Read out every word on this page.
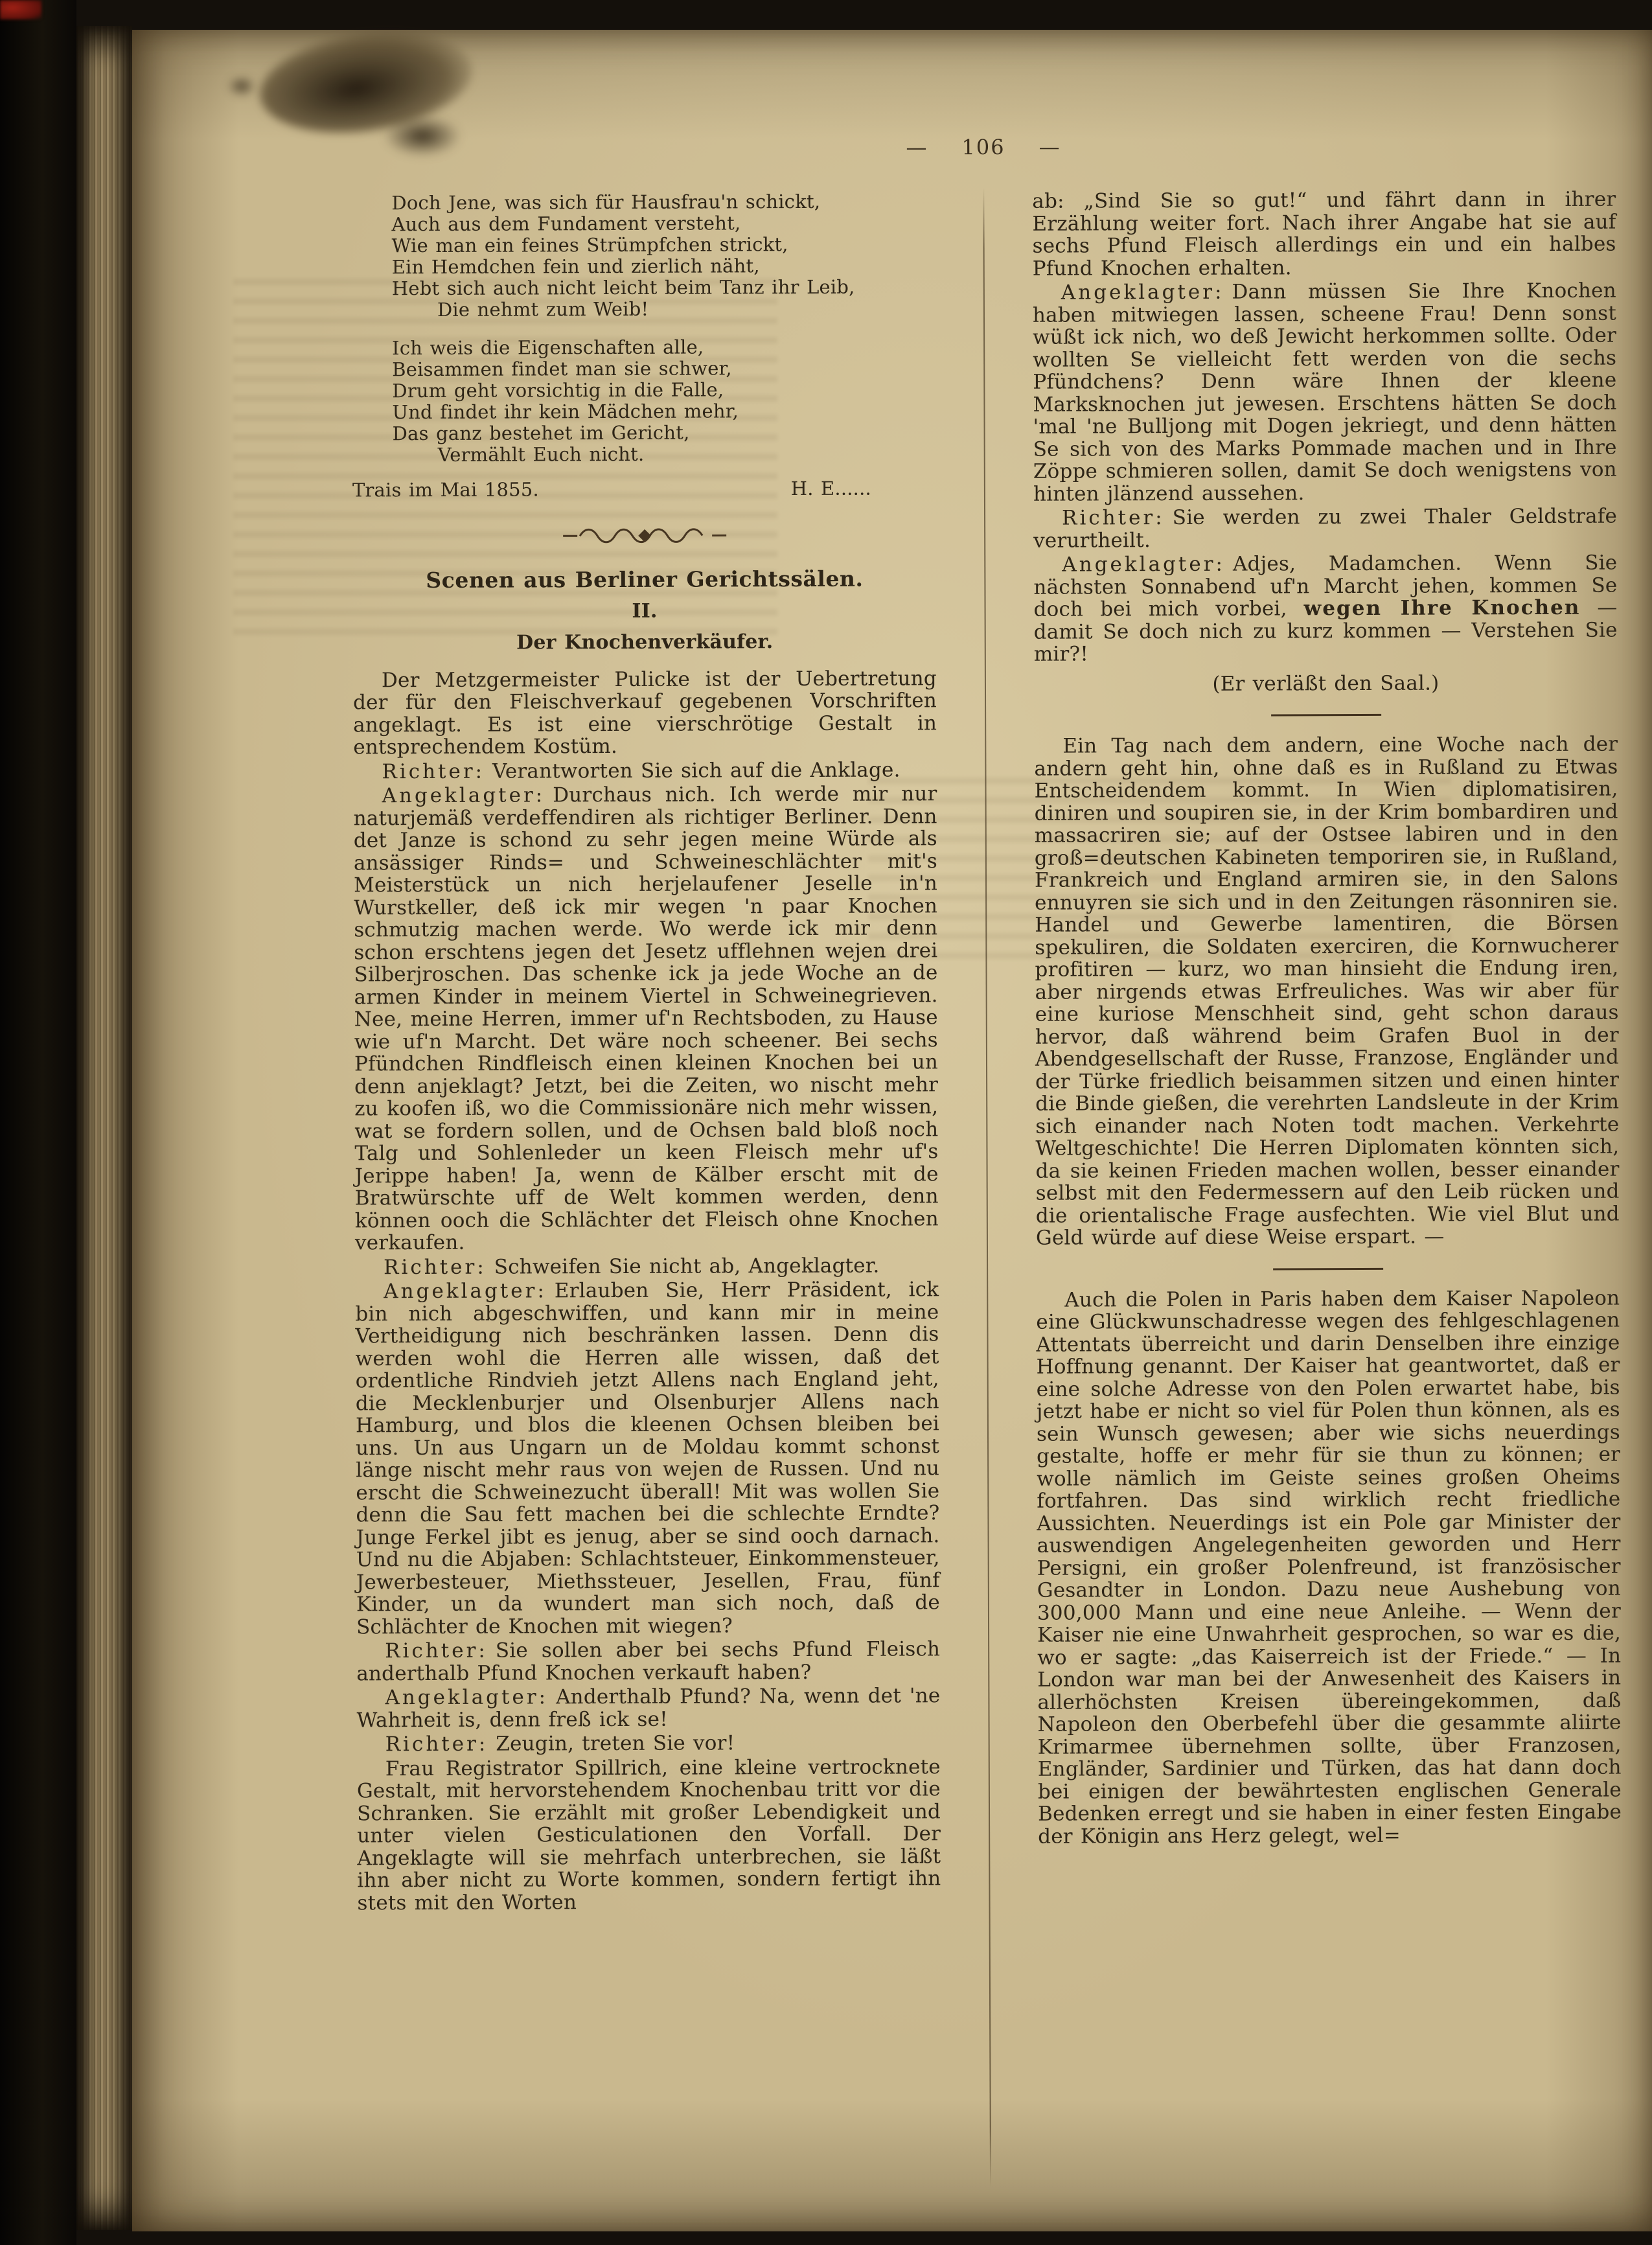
— 106 —
Doch Jene, was sich für Hausfrau'n schickt,
Auch aus dem Fundament versteht,
Wie man ein feines Strümpfchen strickt,
Ein Hemdchen fein und zierlich näht,
Hebt sich auch nicht leicht beim Tanz ihr Leib,
Die nehmt zum Weib!
Ich weis die Eigenschaften alle,
Beisammen findet man sie schwer,
Drum geht vorsichtig in die Falle,
Und findet ihr kein Mädchen mehr,
Das ganz bestehet im Gericht,
Vermählt Euch nicht.
Trais im Mai 1855.	H. E......
Scenen aus Berliner Gerichtssälen.
II.
Der Knochenverkäufer.

Der Metzgermeister Pulicke ist der Uebertretung der für den Fleischverkauf gegebenen Vorschriften angeklagt. Es ist eine vierschrötige Gestalt in entsprechendem Kostüm.

Richter: Verantworten Sie sich auf die Anklage.

Angeklagter: Durchaus nich. Ich werde mir nur naturjemäß verdeffendiren als richtiger Berliner. Denn det Janze is schond zu sehr jegen meine Würde als ansässiger Rinds= und Schweineschlächter mit's Meisterstück un nich herjelaufener Jeselle in'n Wurstkeller, deß ick mir wegen 'n paar Knochen schmutzig machen werde. Wo werde ick mir denn schon erschtens jegen det Jesetz ufflehnen wejen drei Silberjroschen. Das schenke ick ja jede Woche an de armen Kinder in meinem Viertel in Schweinegrieven. Nee, meine Herren, immer uf'n Rechtsboden, zu Hause wie uf'n Marcht. Det wäre noch scheener. Bei sechs Pfündchen Rindfleisch einen kleinen Knochen bei un denn anjeklagt? Jetzt, bei die Zeiten, wo nischt mehr zu koofen iß, wo die Commissionäre nich mehr wissen, wat se fordern sollen, und de Ochsen bald bloß noch Talg und Sohlenleder un keen Fleisch mehr uf's Jerippe haben! Ja, wenn de Kälber erscht mit de Bratwürschte uff de Welt kommen werden, denn können ooch die Schlächter det Fleisch ohne Knochen verkaufen.

Richter: Schweifen Sie nicht ab, Angeklagter.

Angeklagter: Erlauben Sie, Herr Präsident, ick bin nich abgeschwiffen, und kann mir in meine Vertheidigung nich beschränken lassen. Denn dis werden wohl die Herren alle wissen, daß det ordentliche Rindvieh jetzt Allens nach England jeht, die Mecklenburjer und Olsenburjer Allens nach Hamburg, und blos die kleenen Ochsen bleiben bei uns. Un aus Ungarn un de Moldau kommt schonst länge nischt mehr raus von wejen de Russen. Und nu erscht die Schweinezucht überall! Mit was wollen Sie denn die Sau fett machen bei die schlechte Erndte? Junge Ferkel jibt es jenug, aber se sind ooch darnach. Und nu die Abjaben: Schlachtsteuer, Einkommensteuer, Jewerbesteuer, Miethssteuer, Jesellen, Frau, fünf Kinder, un da wundert man sich noch, daß de Schlächter de Knochen mit wiegen?

Richter: Sie sollen aber bei sechs Pfund Fleisch anderthalb Pfund Knochen verkauft haben?

Angeklagter: Anderthalb Pfund? Na, wenn det 'ne Wahrheit is, denn freß ick se!

Richter: Zeugin, treten Sie vor!

Frau Registrator Spillrich, eine kleine vertrocknete Gestalt, mit hervorstehendem Knochenbau tritt vor die Schranken. Sie erzählt mit großer Lebendigkeit und unter vielen Gesticulationen den Vorfall. Der Angeklagte will sie mehrfach unterbrechen, sie läßt ihn aber nicht zu Worte kommen, sondern fertigt ihn stets mit den Worten

ab: „Sind Sie so gut!“ und fährt dann in ihrer Erzählung weiter fort. Nach ihrer Angabe hat sie auf sechs Pfund Fleisch allerdings ein und ein halbes Pfund Knochen erhalten.

Angeklagter: Dann müssen Sie Ihre Knochen haben mitwiegen lassen, scheene Frau! Denn sonst wüßt ick nich, wo deß Jewicht herkommen sollte. Oder wollten Se vielleicht fett werden von die sechs Pfündchens? Denn wäre Ihnen der kleene Marksknochen jut jewesen. Erschtens hätten Se doch 'mal 'ne Bulljong mit Dogen jekriegt, und denn hätten Se sich von des Marks Pommade machen und in Ihre Zöppe schmieren sollen, damit Se doch wenigstens von hinten jlänzend aussehen.

Richter: Sie werden zu zwei Thaler Geldstrafe verurtheilt.

Angeklagter: Adjes, Madamchen. Wenn Sie nächsten Sonnabend uf'n Marcht jehen, kommen Se doch bei mich vorbei, wegen Ihre Knochen — damit Se doch nich zu kurz kommen — Verstehen Sie mir?!

(Er verläßt den Saal.)

Ein Tag nach dem andern, eine Woche nach der andern geht hin, ohne daß es in Rußland zu Etwas Entscheidendem kommt. In Wien diplomatisiren, diniren und soupiren sie, in der Krim bombardiren und massacriren sie; auf der Ostsee labiren und in den groß=deutschen Kabineten temporiren sie, in Rußland, Frankreich und England armiren sie, in den Salons ennuyren sie sich und in den Zeitungen räsonniren sie. Handel und Gewerbe lamentiren, die Börsen spekuliren, die Soldaten exerciren, die Kornwucherer profitiren — kurz, wo man hinsieht die Endung iren, aber nirgends etwas Erfreuliches. Was wir aber für eine kuriose Menschheit sind, geht schon daraus hervor, daß während beim Grafen Buol in der Abendgesellschaft der Russe, Franzose, Engländer und der Türke friedlich beisammen sitzen und einen hinter die Binde gießen, die verehrten Landsleute in der Krim sich einander nach Noten todt machen. Verkehrte Weltgeschichte! Die Herren Diplomaten könnten sich, da sie keinen Frieden machen wollen, besser einander selbst mit den Federmessern auf den Leib rücken und die orientalische Frage ausfechten. Wie viel Blut und Geld würde auf diese Weise erspart. —

Auch die Polen in Paris haben dem Kaiser Napoleon eine Glückwunschadresse wegen des fehlgeschlagenen Attentats überreicht und darin Denselben ihre einzige Hoffnung genannt. Der Kaiser hat geantwortet, daß er eine solche Adresse von den Polen erwartet habe, bis jetzt habe er nicht so viel für Polen thun können, als es sein Wunsch gewesen; aber wie sichs neuerdings gestalte, hoffe er mehr für sie thun zu können; er wolle nämlich im Geiste seines großen Oheims fortfahren. Das sind wirklich recht friedliche Aussichten. Neuerdings ist ein Pole gar Minister der auswendigen Angelegenheiten geworden und Herr Persigni, ein großer Polenfreund, ist französischer Gesandter in London. Dazu neue Aushebung von 300,000 Mann und eine neue Anleihe. — Wenn der Kaiser nie eine Unwahrheit gesprochen, so war es die, wo er sagte: „das Kaiserreich ist der Friede.“ — In London war man bei der Anwesenheit des Kaisers in allerhöchsten Kreisen übereingekommen, daß Napoleon den Oberbefehl über die gesammte aliirte Krimarmee übernehmen sollte, über Franzosen, Engländer, Sardinier und Türken, das hat dann doch bei einigen der bewährtesten englischen Generale Bedenken erregt und sie haben in einer festen Eingabe der Königin ans Herz gelegt, wel=
